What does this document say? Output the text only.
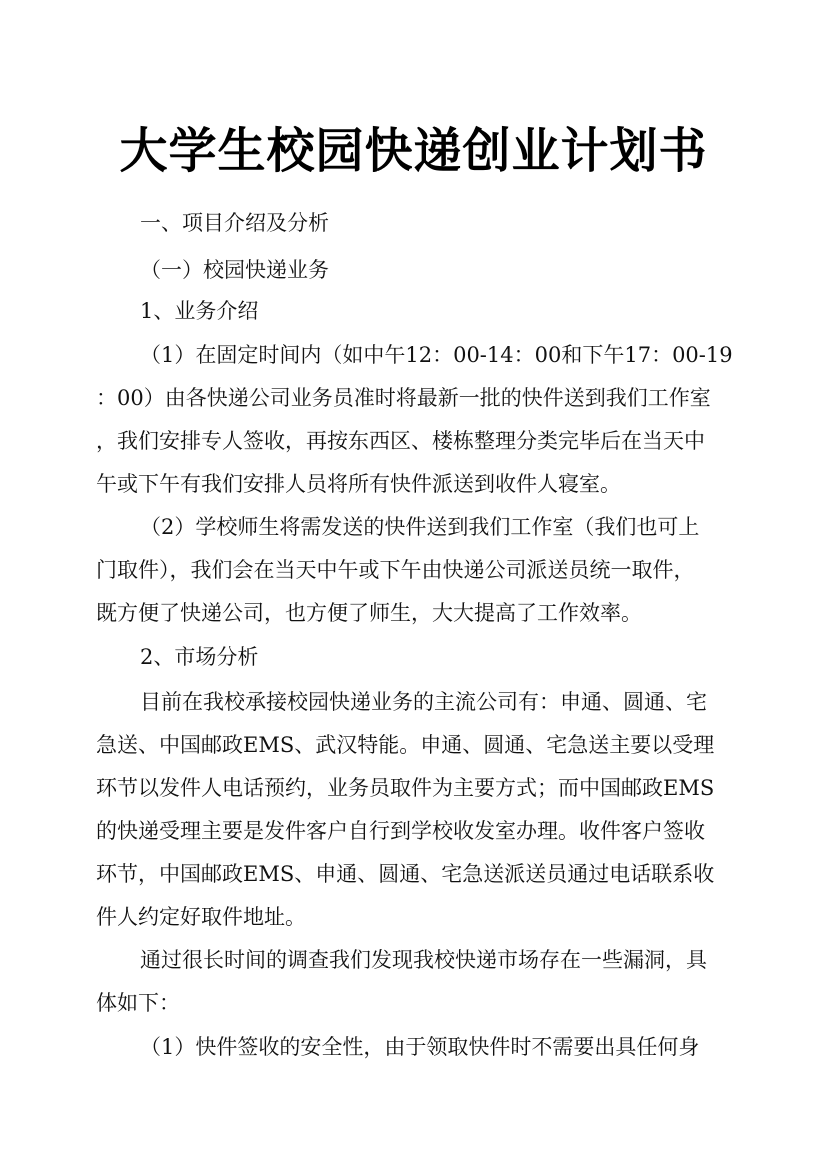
大学生校园快递创业计划书
一、项目介绍及分析
（一）校园快递业务
1、业务介绍
（1）在固定时间内（如中午12：00-14：00和下午17：00-19
：00）由各快递公司业务员准时将最新一批的快件送到我们工作室
，我们安排专人签收，再按东西区、楼栋整理分类完毕后在当天中
午或下午有我们安排人员将所有快件派送到收件人寝室。
（2）学校师生将需发送的快件送到我们工作室（我们也可上
门取件），我们会在当天中午或下午由快递公司派送员统一取件，
既方便了快递公司，也方便了师生，大大提高了工作效率。
2、市场分析
目前在我校承接校园快递业务的主流公司有：申通、圆通、宅
急送、中国邮政EMS、武汉特能。申通、圆通、宅急送主要以受理
环节以发件人电话预约，业务员取件为主要方式；而中国邮政EMS
的快递受理主要是发件客户自行到学校收发室办理。收件客户签收
环节，中国邮政EMS、申通、圆通、宅急送派送员通过电话联系收
件人约定好取件地址。
通过很长时间的调查我们发现我校快递市场存在一些漏洞，具
体如下：
（1）快件签收的安全性，由于领取快件时不需要出具任何身
